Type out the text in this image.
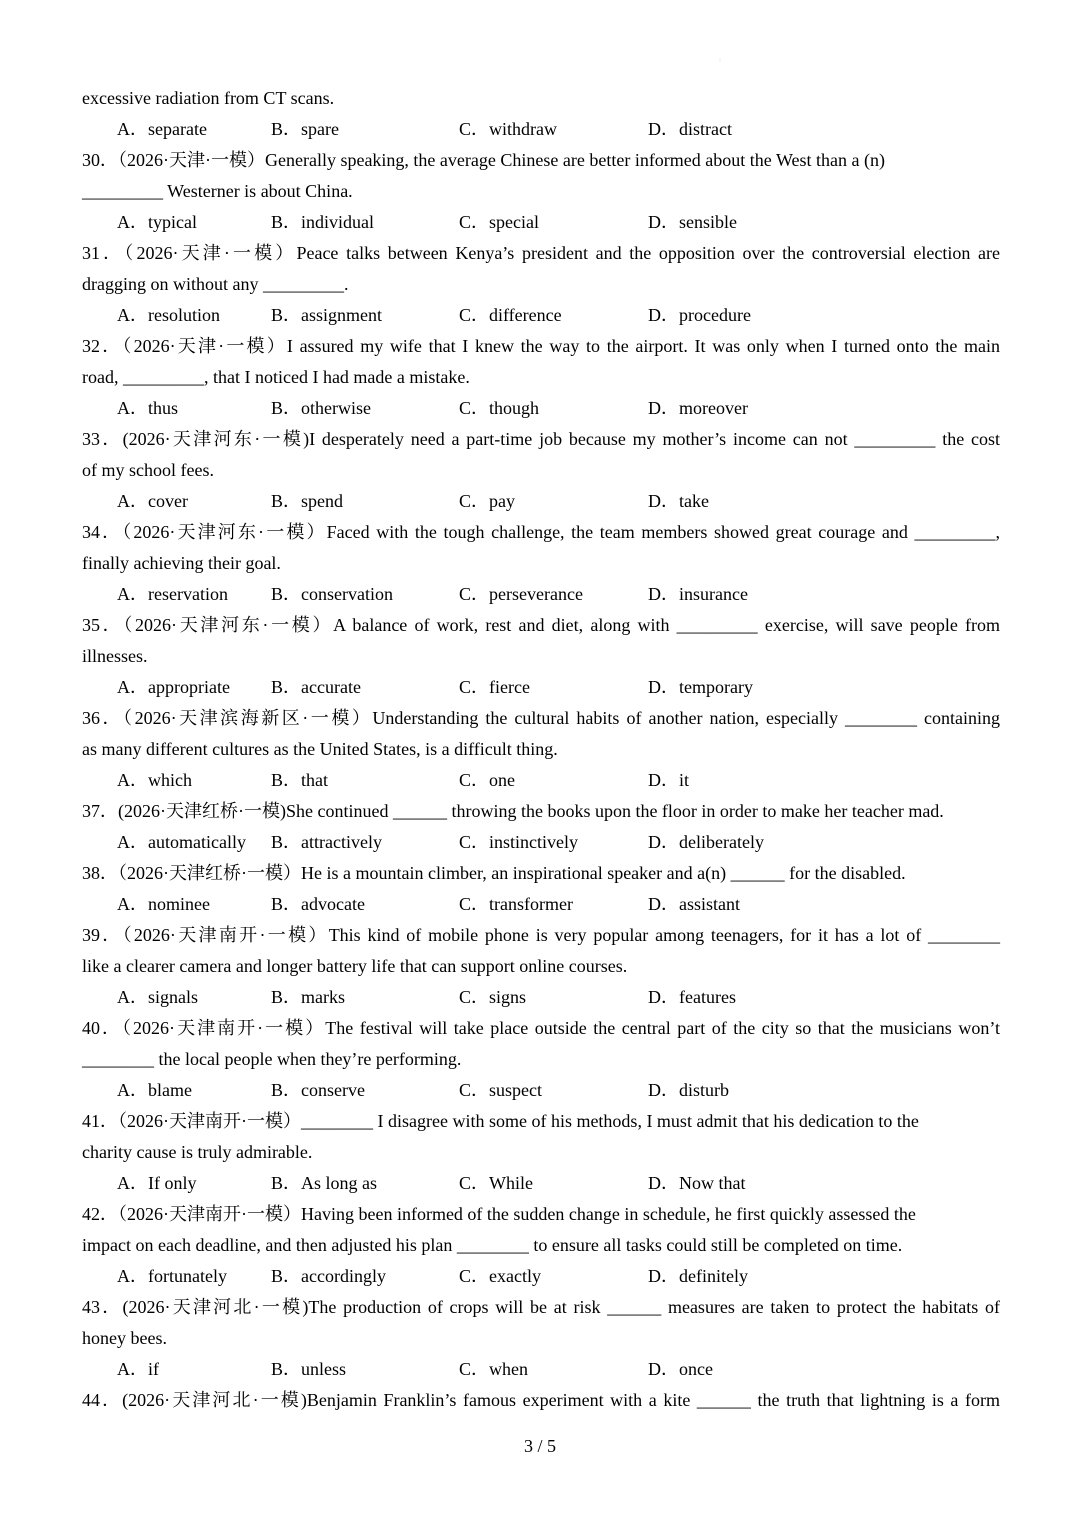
:
excessive radiation from CT scans.
A．separate	B．spare	C．withdraw	D．distract
30．（2026·天津·一模）Generally speaking, the average Chinese are better informed about the West than a (n)
_________ Westerner is about China.
A．typical	B．individual	C．special	D．sensible
31．（2026·天津·一模）Peace talks between Kenya’s president and the opposition over the controversial election are
dragging on without any _________.
A．resolution	B．assignment	C．difference	D．procedure
32．（2026·天津·一模）I assured my wife that I knew the way to the airport. It was only when I turned onto the main
road, _________, that I noticed I had made a mistake.
A．thus	B．otherwise	C．though	D．moreover
33．(2026·天津河东·一模)I desperately need a part-time job because my mother’s income can not _________ the cost
of my school fees.
A．cover	B．spend	C．pay	D．take
34．（2026·天津河东·一模）Faced with the tough challenge, the team members showed great courage and _________,
finally achieving their goal.
A．reservation	B．conservation	C．perseverance	D．insurance
35．（2026·天津河东·一模）A balance of work, rest and diet, along with _________ exercise, will save people from
illnesses.
A．appropriate	B．accurate	C．fierce	D．temporary
36．（2026·天津滨海新区·一模）Understanding the cultural habits of another nation, especially ________ containing
as many different cultures as the United States, is a difficult thing.
A．which	B．that	C．one	D．it
37．(2026·天津红桥·一模)She continued ______ throwing the books upon the floor in order to make her teacher mad.
A．automatically	B．attractively	C．instinctively	D．deliberately
38．（2026·天津红桥·一模）He is a mountain climber, an inspirational speaker and a(n) ______ for the disabled.
A．nominee	B．advocate	C．transformer	D．assistant
39．（2026·天津南开·一模）This kind of mobile phone is very popular among teenagers, for it has a lot of ________
like a clearer camera and longer battery life that can support online courses.
A．signals	B．marks	C．signs	D．features
40．（2026·天津南开·一模）The festival will take place outside the central part of the city so that the musicians won’t
________ the local people when they’re performing.
A．blame	B．conserve	C．suspect	D．disturb
41．（2026·天津南开·一模）________ I disagree with some of his methods, I must admit that his dedication to the
charity cause is truly admirable.
A．If only	B．As long as	C．While	D．Now that
42．（2026·天津南开·一模）Having been informed of the sudden change in schedule, he first quickly assessed the
impact on each deadline, and then adjusted his plan ________ to ensure all tasks could still be completed on time.
A．fortunately	B．accordingly	C．exactly	D．definitely
43．(2026·天津河北·一模)The production of crops will be at risk ______ measures are taken to protect the habitats of
honey bees.
A．if	B．unless	C．when	D．once
44．(2026·天津河北·一模)Benjamin Franklin’s famous experiment with a kite ______ the truth that lightning is a form
3 / 5
